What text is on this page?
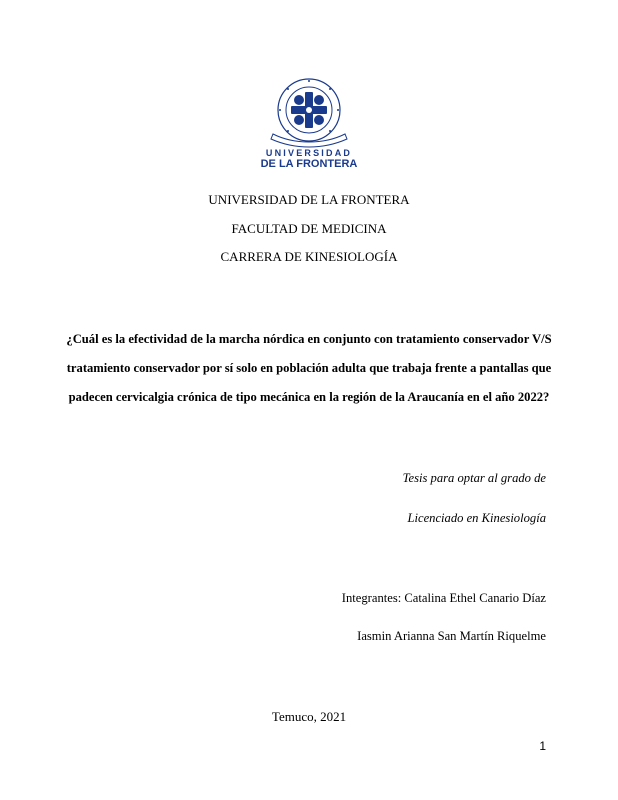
UNIVERSIDAD
DE LA FRONTERA
UNIVERSIDAD DE LA FRONTERA
FACULTAD DE MEDICINA
CARRERA DE KINESIOLOGÍA
¿Cuál es la efectividad de la marcha nórdica en conjunto con tratamiento conservador V/S
tratamiento conservador por sí solo en población adulta que trabaja frente a pantallas que
padecen cervicalgia crónica de tipo mecánica en la región de la Araucanía en el año 2022?
Tesis para optar al grado de
Licenciado en Kinesiología
Integrantes: Catalina Ethel Canario Díaz
Iasmin Arianna San Martín Riquelme
Temuco, 2021
1
